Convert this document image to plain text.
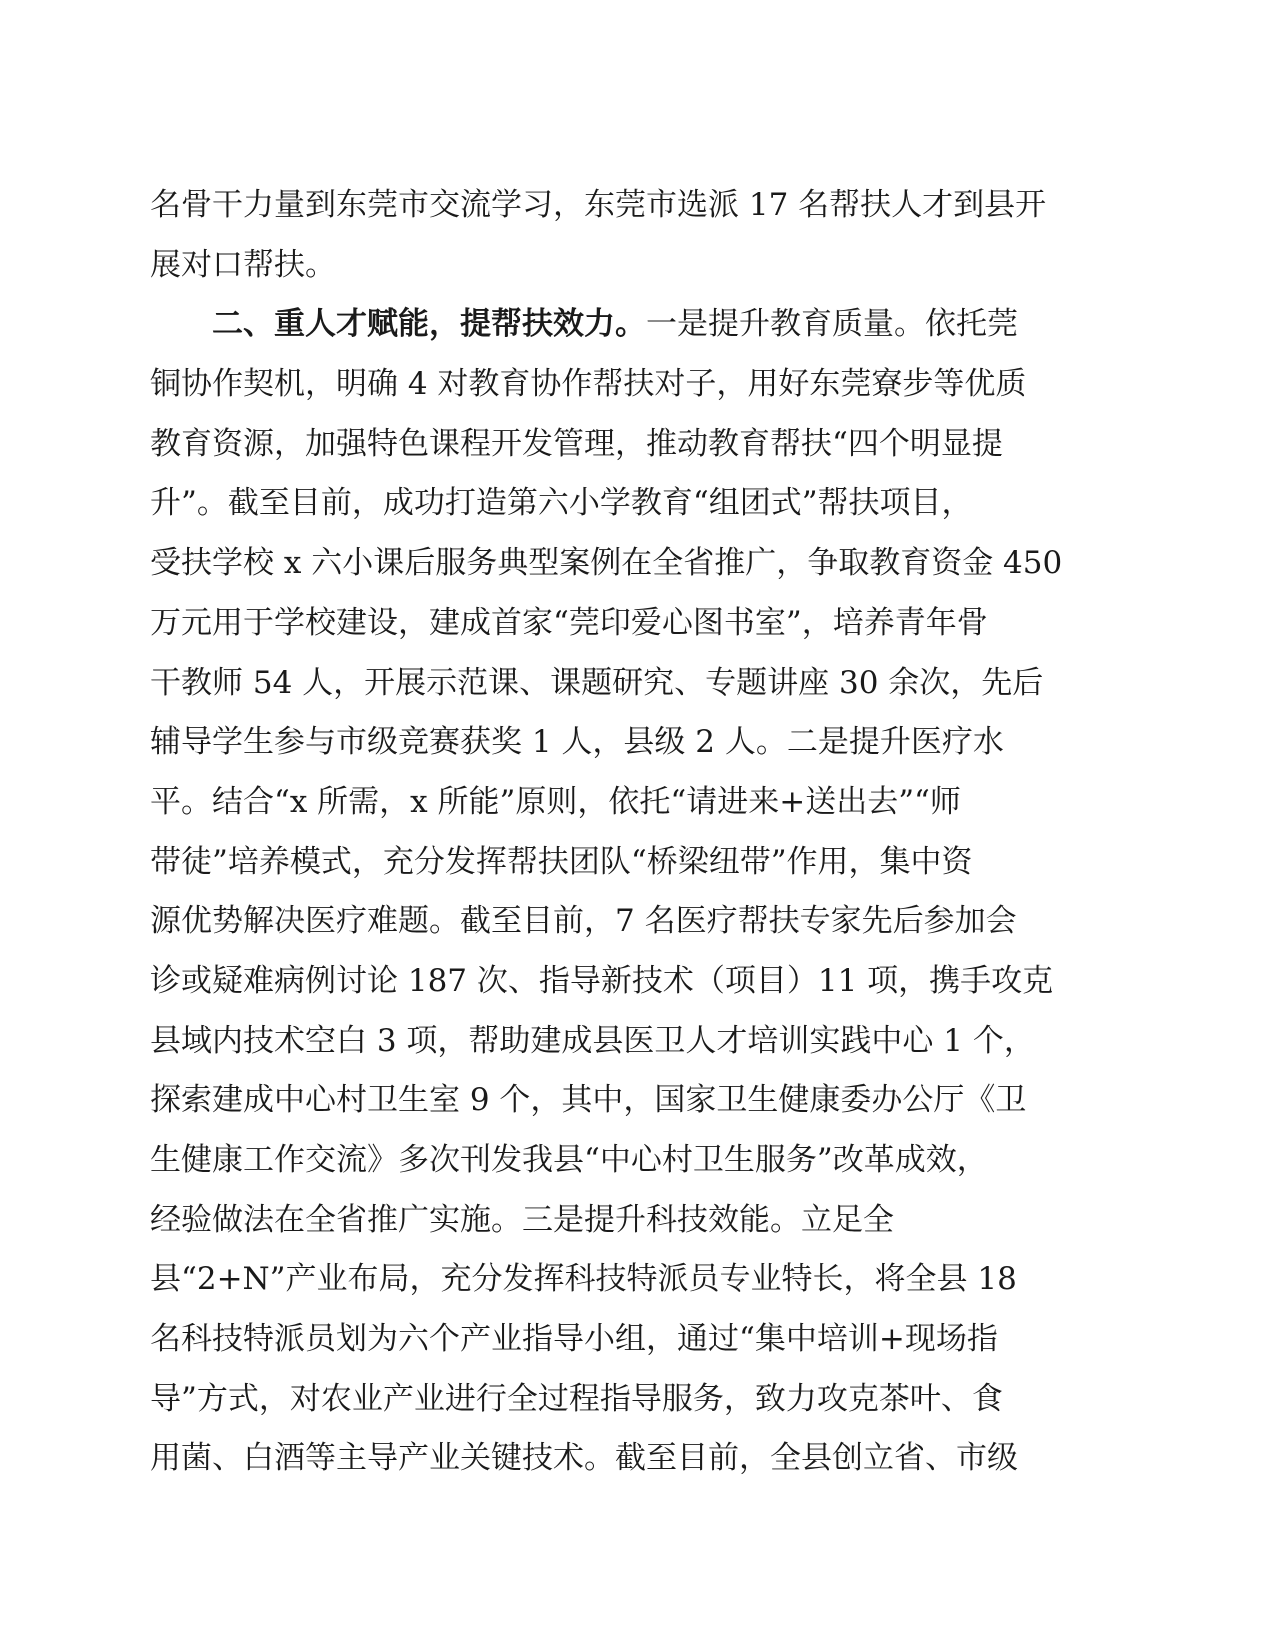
名骨干力量到东莞市交流学习，东莞市选派 17 名帮扶人才到县开
展对口帮扶。
二、重人才赋能，提帮扶效力。一是提升教育质量。依托莞
铜协作契机，明确 4 对教育协作帮扶对子，用好东莞寮步等优质
教育资源，加强特色课程开发管理，推动教育帮扶“四个明显提
升”。截至目前，成功打造第六小学教育“组团式”帮扶项目，
受扶学校 x 六小课后服务典型案例在全省推广，争取教育资金 450
万元用于学校建设，建成首家“莞印爱心图书室”，培养青年骨
干教师 54 人，开展示范课、课题研究、专题讲座 30 余次，先后
辅导学生参与市级竞赛获奖 1 人，县级 2 人。二是提升医疗水
平。结合“x 所需，x 所能”原则，依托“请进来+送出去”“师
带徒”培养模式，充分发挥帮扶团队“桥梁纽带”作用，集中资
源优势解决医疗难题。截至目前，7 名医疗帮扶专家先后参加会
诊或疑难病例讨论 187 次、指导新技术（项目）11 项，携手攻克
县域内技术空白 3 项，帮助建成县医卫人才培训实践中心 1 个，
探索建成中心村卫生室 9 个，其中，国家卫生健康委办公厅《卫
生健康工作交流》多次刊发我县“中心村卫生服务”改革成效，
经验做法在全省推广实施。三是提升科技效能。立足全
县“2+N”产业布局，充分发挥科技特派员专业特长，将全县 18
名科技特派员划为六个产业指导小组，通过“集中培训+现场指
导”方式，对农业产业进行全过程指导服务，致力攻克茶叶、食
用菌、白酒等主导产业关键技术。截至目前，全县创立省、市级
